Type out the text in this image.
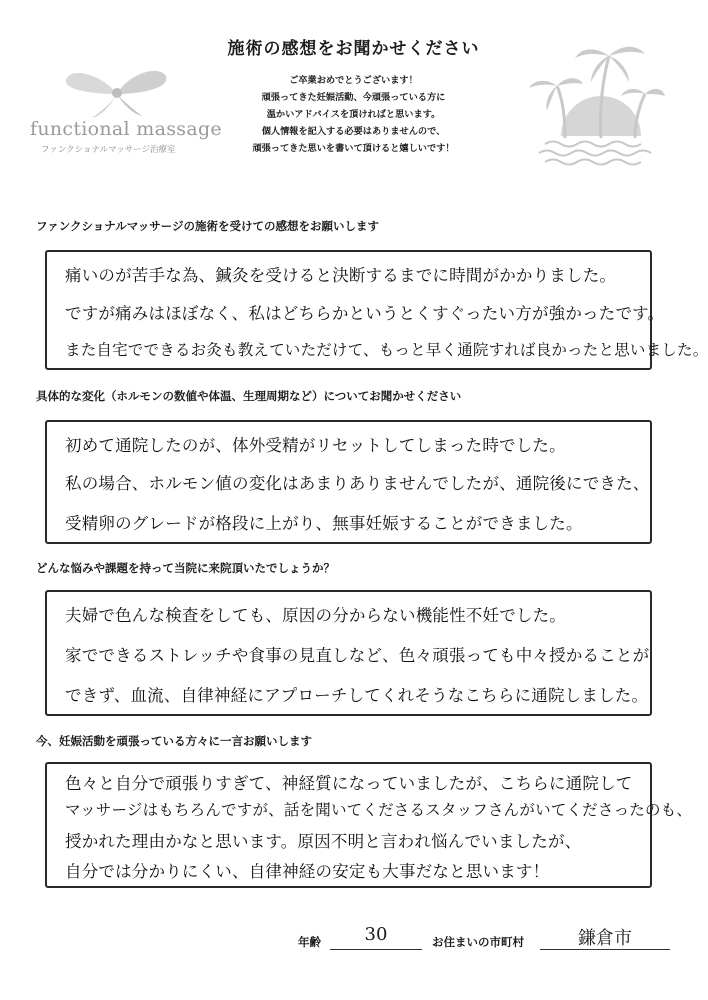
施術の感想をお聞かせください
ご卒業おめでとうございます！
頑張ってきた妊娠活動、今頑張っている方に
温かいアドバイスを頂ければと思います。
個人情報を記入する必要はありませんので、
頑張ってきた思いを書いて頂けると嬉しいです！
functional massage
ファンクショナルマッサージ治療室
ファンクショナルマッサージの施術を受けての感想をお願いします
痛いのが苦手な為、鍼灸を受けると決断するまでに時間がかかりました。
ですが痛みはほぼなく、私はどちらかというとくすぐったい方が強かったです。
また自宅でできるお灸も教えていただけて、もっと早く通院すれば良かったと思いました。
具体的な変化（ホルモンの数値や体温、生理周期など）についてお聞かせください
初めて通院したのが、体外受精がリセットしてしまった時でした。
私の場合、ホルモン値の変化はあまりありませんでしたが、通院後にできた、
受精卵のグレードが格段に上がり、無事妊娠することができました。
どんな悩みや課題を持って当院に来院頂いたでしょうか？
夫婦で色んな検査をしても、原因の分からない機能性不妊でした。
家でできるストレッチや食事の見直しなど、色々頑張っても中々授かることが
できず、血流、自律神経にアプローチしてくれそうなこちらに通院しました。
今、妊娠活動を頑張っている方々に一言お願いします
色々と自分で頑張りすぎて、神経質になっていましたが、こちらに通院して
マッサージはもちろんですが、話を聞いてくださるスタッフさんがいてくださったのも、
授かれた理由かなと思います。原因不明と言われ悩んでいましたが、
自分では分かりにくい、自律神経の安定も大事だなと思います！
年齢	30	お住まいの市町村	鎌倉市
